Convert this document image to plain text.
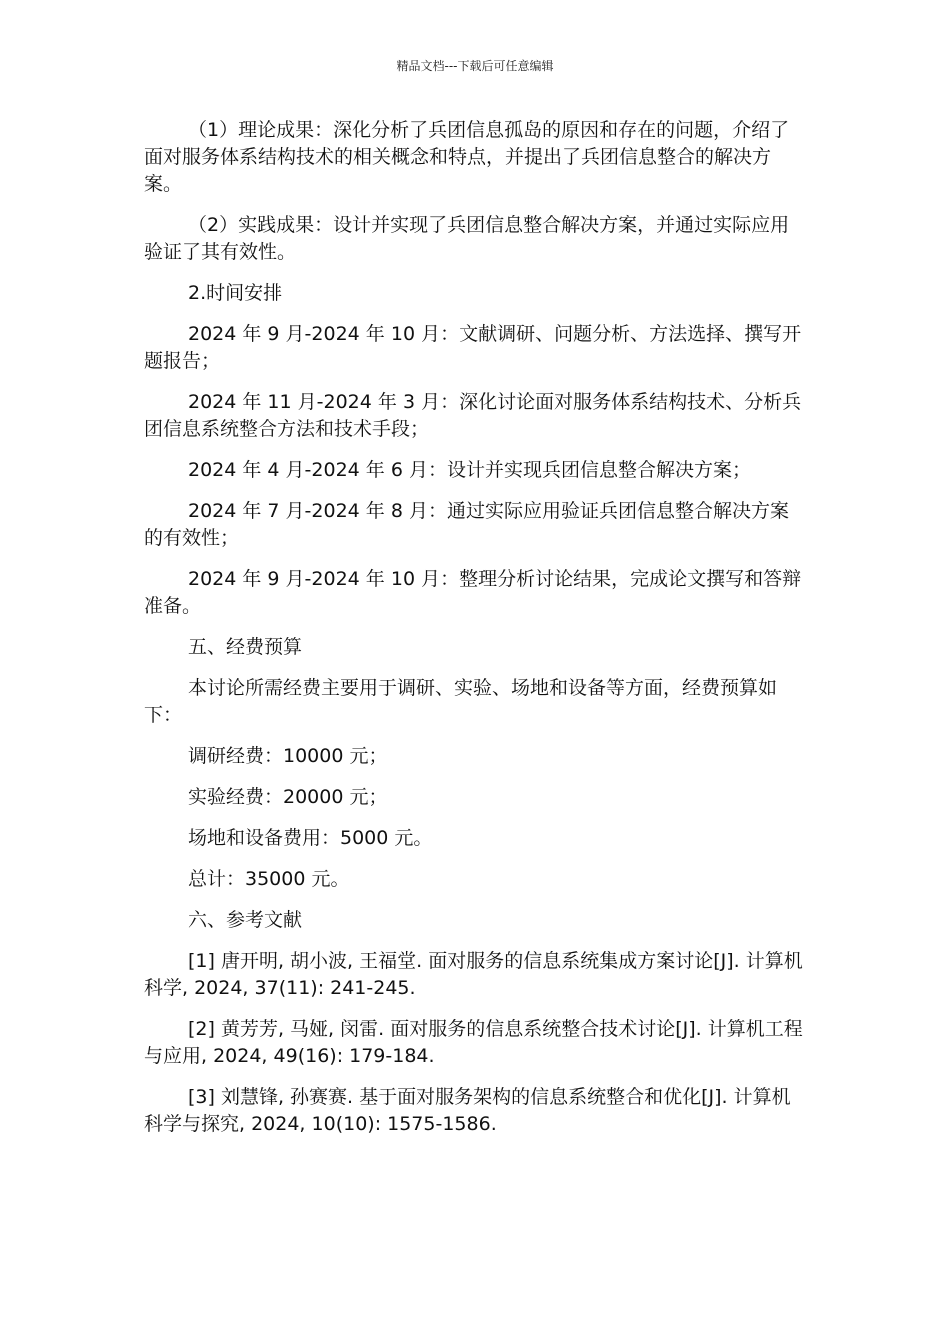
精品文档---下载后可任意编辑

（1）理论成果：深化分析了兵团信息孤岛的原因和存在的问题，介绍了面对服务体系结构技术的相关概念和特点，并提出了兵团信息整合的解决方案。

（2）实践成果：设计并实现了兵团信息整合解决方案，并通过实际应用验证了其有效性。

2.时间安排

2024 年 9 月-2024 年 10 月：文献调研、问题分析、方法选择、撰写开题报告；

2024 年 11 月-2024 年 3 月：深化讨论面对服务体系结构技术、分析兵团信息系统整合方法和技术手段；

2024 年 4 月-2024 年 6 月：设计并实现兵团信息整合解决方案；

2024 年 7 月-2024 年 8 月：通过实际应用验证兵团信息整合解决方案的有效性；

2024 年 9 月-2024 年 10 月：整理分析讨论结果，完成论文撰写和答辩准备。

五、经费预算

本讨论所需经费主要用于调研、实验、场地和设备等方面，经费预算如下：

调研经费：10000 元；

实验经费：20000 元；

场地和设备费用：5000 元。

总计：35000 元。

六、参考文献

[1] 唐开明, 胡小波, 王福堂. 面对服务的信息系统集成方案讨论[J]. 计算机科学, 2024, 37(11): 241-245.

[2] 黄芳芳, 马娅, 闵雷. 面对服务的信息系统整合技术讨论[J]. 计算机工程与应用, 2024, 49(16): 179-184.

[3] 刘慧锋, 孙赛赛. 基于面对服务架构的信息系统整合和优化[J]. 计算机科学与探究, 2024, 10(10): 1575-1586.
